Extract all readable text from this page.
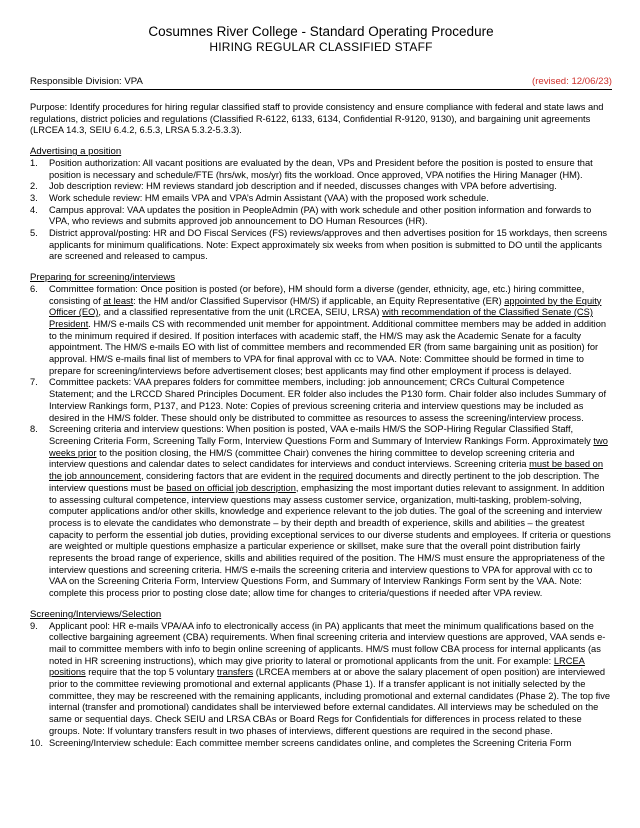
Cosumnes River College - Standard Operating Procedure
HIRING REGULAR CLASSIFIED STAFF
Responsible Division: VPA	(revised: 12/06/23)
Purpose: Identify procedures for hiring regular classified staff to provide consistency and ensure compliance with federal and state laws and regulations, district policies and regulations (Classified R-6122, 6133, 6134, Confidential R-9120, 9130), and bargaining unit agreements (LRCEA 14.3, SEIU 6.4.2, 6.5.3, LRSA 5.3.2-5.3.3).
Advertising a position
1.	Position authorization: All vacant positions are evaluated by the dean, VPs and President before the position is posted to ensure that position is necessary and schedule/FTE (hrs/wk, mos/yr) fits the workload. Once approved, VPA notifies the Hiring Manager (HM).
2.	Job description review: HM reviews standard job description and if needed, discusses changes with VPA before advertising.
3.	Work schedule review: HM emails VPA and VPA’s Admin Assistant (VAA) with the proposed work schedule.
4.	Campus approval: VAA updates the position in PeopleAdmin (PA) with work schedule and other position information and forwards to VPA, who reviews and submits approved job announcement to DO Human Resources (HR).
5.	District approval/posting: HR and DO Fiscal Services (FS) reviews/approves and then advertises position for 15 workdays, then screens applicants for minimum qualifications. Note: Expect approximately six weeks from when position is submitted to DO until the applicants are screened and released to campus.
Preparing for screening/interviews
6.	Committee formation: Once position is posted (or before), HM should form a diverse (gender, ethnicity, age, etc.) hiring committee, consisting of at least: the HM and/or Classified Supervisor (HM/S) if applicable, an Equity Representative (ER) appointed by the Equity Officer (EO), and a classified representative from the unit (LRCEA, SEIU, LRSA) with recommendation of the Classified Senate (CS) President. HM/S e-mails CS with recommended unit member for appointment. Additional committee members may be added in addition to the minimum required if desired. If position interfaces with academic staff, the HM/S may ask the Academic Senate for a faculty appointment. The HM/S e-mails EO with list of committee members and recommended ER (from same bargaining unit as position) for approval. HM/S e-mails final list of members to VPA for final approval with cc to VAA. Note: Committee should be formed in time to prepare for screening/interviews before advertisement closes; best applicants may find other employment if process is delayed.
7.	Committee packets: VAA prepares folders for committee members, including: job announcement; CRCs Cultural Competence Statement; and the LRCCD Shared Principles Document. ER folder also includes the P130 form. Chair folder also includes Summary of Interview Rankings form, P137, and P123. Note: Copies of previous screening criteria and interview questions may be included as desired in the HM/S folder. These should only be distributed to committee as resources to assess the screening/interview process.
8.	Screening criteria and interview questions: When position is posted, VAA e-mails HM/S the SOP-Hiring Regular Classified Staff, Screening Criteria Form, Screening Tally Form, Interview Questions Form and Summary of Interview Rankings Form. Approximately two weeks prior to the position closing, the HM/S (committee Chair) convenes the hiring committee to develop screening criteria and interview questions and calendar dates to select candidates for interviews and conduct interviews. Screening criteria must be based on the job announcement, considering factors that are evident in the required documents and directly pertinent to the job description. The interview questions must be based on official job description, emphasizing the most important duties relevant to assignment. In addition to assessing cultural competence, interview questions may assess customer service, organization, multi-tasking, problem-solving, computer applications and/or other skills, knowledge and experience relevant to the job duties. The goal of the screening and interview process is to elevate the candidates who demonstrate – by their depth and breadth of experience, skills and abilities – the greatest capacity to perform the essential job duties, providing exceptional services to our diverse students and employees. If criteria or questions are weighted or multiple questions emphasize a particular experience or skillset, make sure that the overall point distribution fairly represents the broad range of experience, skills and abilities required of the position. The HM/S must ensure the appropriateness of the interview questions and screening criteria. HM/S e-mails the screening criteria and interview questions to VPA for approval with cc to VAA on the Screening Criteria Form, Interview Questions Form, and Summary of Interview Rankings Form sent by the VAA. Note: complete this process prior to posting close date; allow time for changes to criteria/questions if needed after VPA review.
Screening/Interviews/Selection
9.	Applicant pool: HR e-mails VPA/AA info to electronically access (in PA) applicants that meet the minimum qualifications based on the collective bargaining agreement (CBA) requirements. When final screening criteria and interview questions are approved, VAA sends e-mail to committee members with info to begin online screening of applicants. HM/S must follow CBA process for internal applicants (as noted in HR screening instructions), which may give priority to lateral or promotional applicants from the unit. For example: LRCEA positions require that the top 5 voluntary transfers (LRCEA members at or above the salary placement of open position) are interviewed prior to the committee reviewing promotional and external applicants (Phase 1). If a transfer applicant is not initially selected by the committee, they may be rescreened with the remaining applicants, including promotional and external candidates (Phase 2). The top five internal (transfer and promotional) candidates shall be interviewed before external candidates. All interviews may be scheduled on the same or sequential days. Check SEIU and LRSA CBAs or Board Regs for Confidentials for differences in process related to these groups. Note: If voluntary transfers result in two phases of interviews, different questions are required in the second phase.
10. Screening/Interview schedule: Each committee member screens candidates online, and completes the Screening Criteria Form
